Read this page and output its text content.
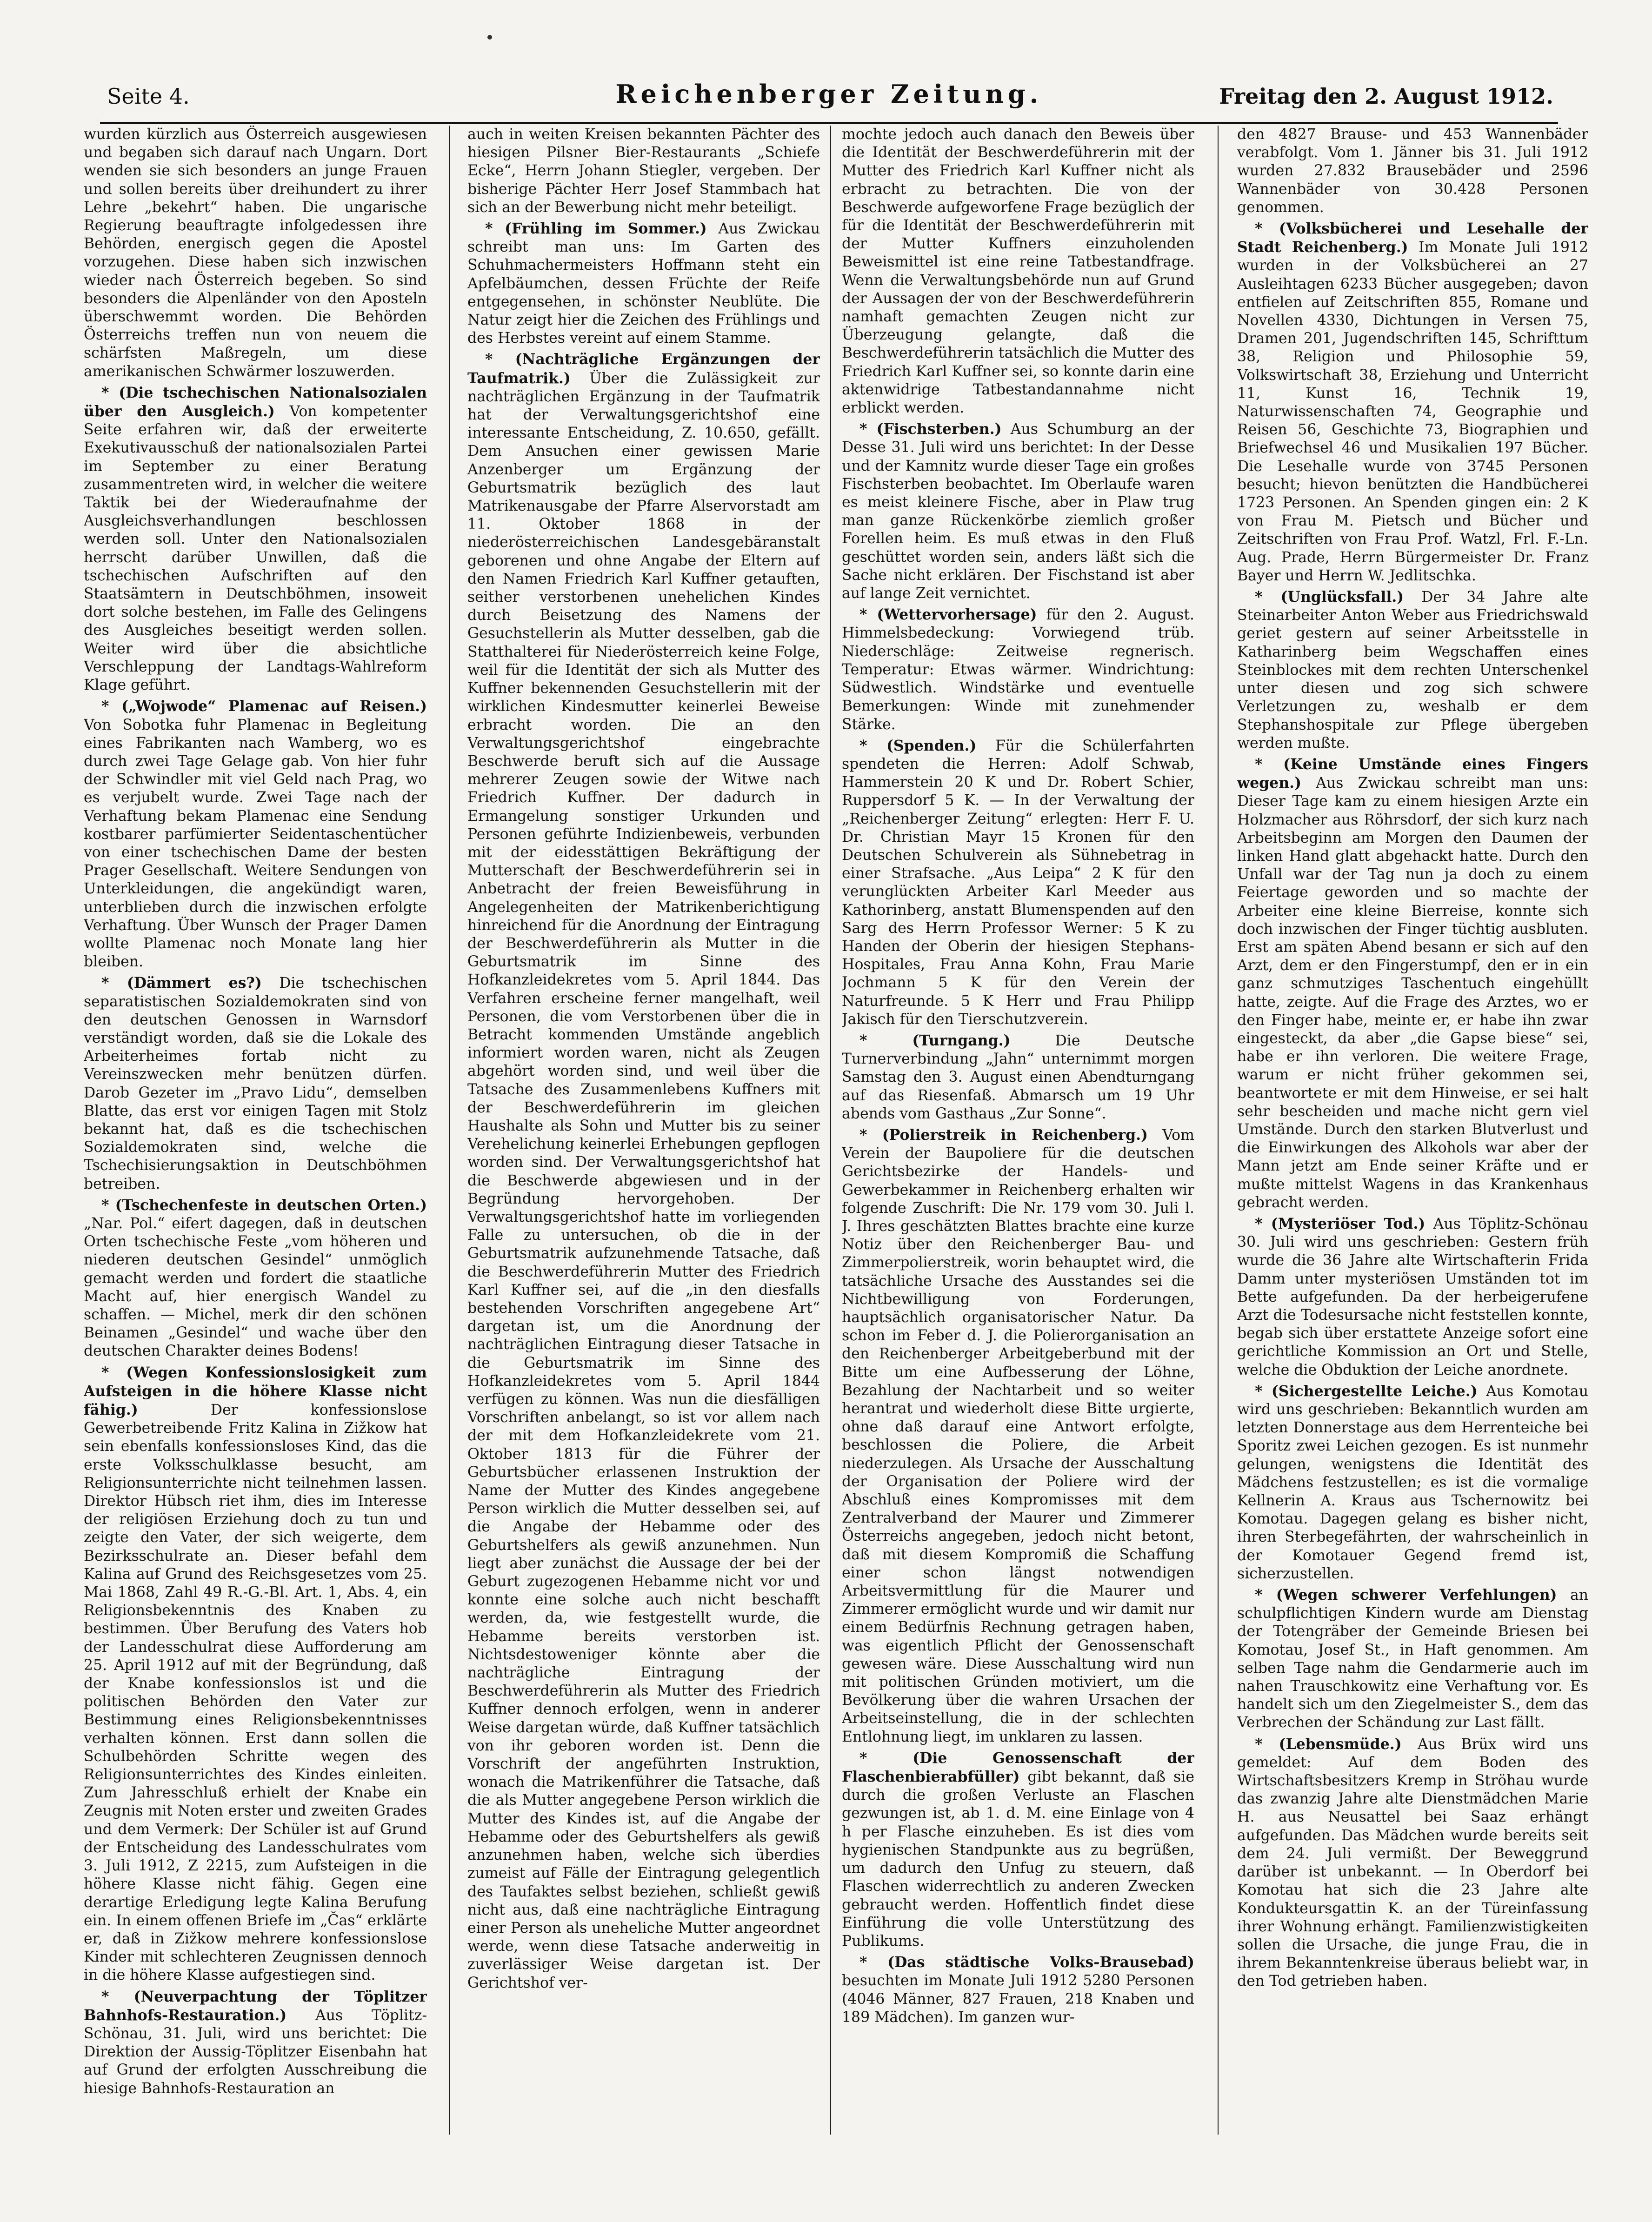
Seite 4.	Reichenberger Zeitung.	Freitag den 2. August 1912.

wurden kürzlich aus Österreich ausgewiesen und begaben sich darauf nach Ungarn. Dort wenden sie sich besonders an junge Frauen und sollen bereits über dreihundert zu ihrer Lehre „bekehrt“ haben. Die ungarische Regierung beauftragte infolgedessen ihre Behörden, energisch gegen die Apostel vorzugehen. Diese haben sich inzwischen wieder nach Österreich begeben. So sind besonders die Alpenländer von den Aposteln überschwemmt worden. Die Behörden Österreichs treffen nun von neuem die schärfsten Maßregeln, um diese amerikanischen Schwärmer loszuwerden.

* (Die tschechischen Nationalsozialen über den Ausgleich.) Von kompetenter Seite erfahren wir, daß der erweiterte Exekutivausschuß der nationalsozialen Partei im September zu einer Beratung zusammentreten wird, in welcher die weitere Taktik bei der Wiederaufnahme der Ausgleichsverhandlungen beschlossen werden soll. Unter den Nationalsozialen herrscht darüber Unwillen, daß die tschechischen Aufschriften auf den Staatsämtern in Deutschböhmen, insoweit dort solche bestehen, im Falle des Gelingens des Ausgleiches beseitigt werden sollen. Weiter wird über die absichtliche Verschleppung der Landtags-Wahlreform Klage geführt.

* („Wojwode“ Plamenac auf Reisen.) Von Sobotka fuhr Plamenac in Begleitung eines Fabrikanten nach Wamberg, wo es durch zwei Tage Gelage gab. Von hier fuhr der Schwindler mit viel Geld nach Prag, wo es verjubelt wurde. Zwei Tage nach der Verhaftung bekam Plamenac eine Sendung kostbarer parfümierter Seidentaschentücher von einer tschechischen Dame der besten Prager Gesellschaft. Weitere Sendungen von Unterkleidungen, die angekündigt waren, unterblieben durch die inzwischen erfolgte Verhaftung. Über Wunsch der Prager Damen wollte Plamenac noch Monate lang hier bleiben.

* (Dämmert es?) Die tschechischen separatistischen Sozialdemokraten sind von den deutschen Genossen in Warnsdorf verständigt worden, daß sie die Lokale des Arbeiterheimes fortab nicht zu Vereinszwecken mehr benützen dürfen. Darob Gezeter im „Pravo Lidu“, demselben Blatte, das erst vor einigen Tagen mit Stolz bekannt hat, daß es die tschechischen Sozialdemokraten sind, welche die Tschechisierungsaktion in Deutschböhmen betreiben.

* (Tschechenfeste in deutschen Orten.) „Nar. Pol.“ eifert dagegen, daß in deutschen Orten tschechische Feste „vom höheren und niederen deutschen Gesindel“ unmöglich gemacht werden und fordert die staatliche Macht auf, hier energisch Wandel zu schaffen. — Michel, merk dir den schönen Beinamen „Gesindel“ und wache über den deutschen Charakter deines Bodens!

* (Wegen Konfessionslosigkeit zum Aufsteigen in die höhere Klasse nicht fähig.)	Der konfessionslose Gewerbetreibende Fritz Kalina in Zižkow hat sein ebenfalls konfessionsloses Kind, das die erste Volksschulklasse besucht, am Religionsunterrichte nicht teilnehmen lassen. Direktor Hübsch riet ihm, dies im Interesse der religiösen Erziehung doch zu tun und zeigte den Vater, der sich weigerte, dem Bezirksschulrate an. Dieser befahl dem Kalina auf Grund des Reichsgesetzes vom 25. Mai 1868, Zahl 49 R.-G.-Bl. Art. 1, Abs. 4, ein Religionsbekenntnis des Knaben zu bestimmen. Über Berufung des Vaters hob der Landesschulrat diese Aufforderung am 25. April 1912 auf mit der Begründung, daß der Knabe konfessionslos ist und die politischen Behörden den Vater zur Bestimmung eines Religionsbekenntnisses verhalten können. Erst dann sollen die Schulbehörden Schritte wegen des Religionsunterrichtes des Kindes einleiten. Zum Jahresschluß erhielt der Knabe ein Zeugnis mit Noten erster und zweiten Grades und dem Vermerk: Der Schüler ist auf Grund der Entscheidung des Landesschulrates vom 3. Juli 1912, Z 2215, zum Aufsteigen in die höhere Klasse nicht fähig. Gegen eine derartige Erledigung legte Kalina Berufung ein. In einem offenen Briefe im „Čas“ erklärte er, daß in Zižkow mehrere konfessionslose Kinder mit schlechteren Zeugnissen dennoch in die höhere Klasse aufgestiegen sind.

* (Neuverpachtung der Töplitzer Bahnhofs-Restauration.) Aus Töplitz-Schönau, 31. Juli, wird uns berichtet: Die Direktion der Aussig-Töplitzer Eisenbahn hat auf Grund der erfolgten Ausschreibung die hiesige Bahnhofs-Restauration an

auch in weiten Kreisen bekannten Pächter des hiesigen Pilsner Bier-Restaurants „Schiefe Ecke“, Herrn Johann Stiegler, vergeben. Der bisherige Pächter Herr Josef Stammbach hat sich an der Bewerbung nicht mehr beteiligt.

* (Frühling im Sommer.) Aus Zwickau schreibt man uns: Im Garten des Schuhmachermeisters Hoffmann steht ein Apfelbäumchen, dessen Früchte der Reife entgegensehen, in schönster Neublüte. Die Natur zeigt hier die Zeichen des Frühlings und des Herbstes vereint auf einem Stamme.

* (Nachträgliche Ergänzungen der Taufmatrik.) Über die Zulässigkeit zur nachträglichen Ergänzung in der Taufmatrik hat der Verwaltungsgerichtshof eine interessante Entscheidung, Z. 10.650, gefällt. Dem Ansuchen einer gewissen Marie Anzenberger um Ergänzung der Geburtsmatrik bezüglich des laut Matrikenausgabe der Pfarre Alservorstadt am 11. Oktober 1868 in der niederösterreichischen Landesgebäranstalt geborenen und ohne Angabe der Eltern auf den Namen Friedrich Karl Kuffner getauften, seither verstorbenen unehelichen Kindes durch Beisetzung des Namens der Gesuchstellerin als Mutter desselben, gab die Statthalterei für Niederösterreich keine Folge, weil für die Identität der sich als Mutter des Kuffner bekennenden Gesuchstellerin mit der wirklichen Kindesmutter keinerlei Beweise erbracht worden. Die an den Verwaltungsgerichtshof eingebrachte Beschwerde beruft sich auf die Aussage mehrerer Zeugen sowie der Witwe nach Friedrich Kuffner. Der dadurch in Ermangelung sonstiger Urkunden und Personen geführte Indizienbeweis, verbunden mit der eidesstättigen Bekräftigung der Mutterschaft der Beschwerdeführerin sei in Anbetracht der freien Beweisführung in Angelegenheiten der Matrikenberichtigung hinreichend für die Anordnung der Eintragung der Beschwerdeführerin als Mutter in die Geburtsmatrik im Sinne des Hofkanzleidekretes vom 5. April 1844. Das Verfahren erscheine ferner mangelhaft, weil Personen, die vom Verstorbenen über die in Betracht kommenden Umstände angeblich informiert worden waren, nicht als Zeugen abgehört worden sind, und weil über die Tatsache des Zusammenlebens Kuffners mit der Beschwerdeführerin im gleichen Haushalte als Sohn und Mutter bis zu seiner Verehelichung keinerlei Erhebungen gepflogen worden sind. Der Verwaltungsgerichtshof hat die Beschwerde abgewiesen und in der Begründung hervorgehoben. Der Verwaltungsgerichtshof hatte im vorliegenden Falle zu untersuchen, ob die in der Geburtsmatrik aufzunehmende Tatsache, daß die Beschwerdeführerin Mutter des Friedrich Karl Kuffner sei, auf die „in den diesfalls bestehenden Vorschriften angegebene Art“ dargetan ist, um die Anordnung der nachträglichen Eintragung dieser Tatsache in die Geburtsmatrik im Sinne des Hofkanzleidekretes vom 5. April 1844 verfügen zu können. Was nun die diesfälligen Vorschriften anbelangt, so ist vor allem nach der mit dem Hofkanzleidekrete vom 21. Oktober 1813 für die Führer der Geburtsbücher erlassenen Instruktion der Name der Mutter des Kindes angegebene Person wirklich die Mutter desselben sei, auf die Angabe der Hebamme oder des Geburtshelfers als gewiß anzunehmen. Nun liegt aber zunächst die Aussage der bei der Geburt zugezogenen Hebamme nicht vor und konnte eine solche auch nicht beschafft werden, da, wie festgestellt wurde, die Hebamme bereits verstorben ist. Nichtsdestoweniger könnte aber die nachträgliche Eintragung der Beschwerdeführerin als Mutter des Friedrich Kuffner dennoch erfolgen, wenn in anderer Weise dargetan würde, daß Kuffner tatsächlich von ihr geboren worden ist. Denn die Vorschrift der angeführten Instruktion, wonach die Matrikenführer die Tatsache, daß die als Mutter angegebene Person wirklich die Mutter des Kindes ist, auf die Angabe der Hebamme oder des Geburtshelfers als gewiß anzunehmen haben, welche sich überdies zumeist auf Fälle der Eintragung gelegentlich des Taufaktes selbst beziehen, schließt gewiß nicht aus, daß eine nachträgliche Eintragung einer Person als uneheliche Mutter angeordnet werde, wenn diese Tatsache anderweitig in zuverlässiger Weise dargetan ist. Der Gerichtshof ver-

mochte jedoch auch danach den Beweis über die Identität der Beschwerdeführerin mit der Mutter des Friedrich Karl Kuffner nicht als erbracht zu betrachten. Die von der Beschwerde aufgeworfene Frage bezüglich der für die Identität der Beschwerdeführerin mit der Mutter Kuffners einzuholenden Beweismittel ist eine reine Tatbestandfrage. Wenn die Verwaltungsbehörde nun auf Grund der Aussagen der von der Beschwerdeführerin namhaft gemachten Zeugen nicht zur Überzeugung gelangte, daß die Beschwerdeführerin tatsächlich die Mutter des Friedrich Karl Kuffner sei, so konnte darin eine aktenwidrige Tatbestandannahme nicht erblickt werden.

* (Fischsterben.) Aus Schumburg an der Desse 31. Juli wird uns berichtet: In der Desse und der Kamnitz wurde dieser Tage ein großes Fischsterben beobachtet. Im Oberlaufe waren es meist kleinere Fische, aber in Plaw trug man ganze Rückenkörbe ziemlich großer Forellen heim. Es muß etwas in den Fluß geschüttet worden sein, anders läßt sich die Sache nicht erklären. Der Fischstand ist aber auf lange Zeit vernichtet.

* (Wettervorhersage) für den 2. August. Himmelsbedeckung: Vorwiegend trüb. Niederschläge: Zeitweise regnerisch. Temperatur: Etwas wärmer. Windrichtung: Südwestlich. Windstärke und eventuelle Bemerkungen: Winde mit zunehmender Stärke.

* (Spenden.) Für die Schülerfahrten spendeten die Herren: Adolf Schwab, Hammerstein 20 K und Dr. Robert Schier, Ruppersdorf 5 K. — In der Verwaltung der „Reichenberger Zeitung“ erlegten: Herr F. U. Dr. Christian Mayr 15 Kronen für den Deutschen Schulverein als Sühnebetrag in einer Strafsache. „Aus Leipa“ 2 K für den verunglückten Arbeiter Karl Meeder aus Kathorinberg, anstatt Blumenspenden auf den Sarg des Herrn Professor Werner: 5 K zu Handen der Oberin der hiesigen Stephans-Hospitales, Frau Anna Kohn, Frau Marie Jochmann 5 K für den Verein der Naturfreunde. 5 K Herr und Frau Philipp Jakisch für den Tierschutzverein.

* (Turngang.)	Die Deutsche Turnerverbindung „Jahn“ unternimmt morgen Samstag den 3. August einen Abendturngang auf das Riesenfaß. Abmarsch um 19 Uhr abends vom Gasthaus „Zur Sonne“.

* (Polierstreik in Reichenberg.) Vom Verein der Baupoliere für die deutschen Gerichtsbezirke der Handels- und Gewerbekammer in Reichenberg erhalten wir folgende Zuschrift: Die Nr. 179 vom 30. Juli l. J. Ihres geschätzten Blattes brachte eine kurze Notiz über den Reichenberger Bau- und Zimmerpolierstreik, worin behauptet wird, die tatsächliche Ursache des Ausstandes sei die Nichtbewilligung von Forderungen, hauptsächlich organisatorischer Natur. Da schon im Feber d. J. die Polierorganisation an den Reichenberger Arbeitgeberbund mit der Bitte um eine Aufbesserung der Löhne, Bezahlung der Nachtarbeit und so weiter herantrat und wiederholt diese Bitte urgierte, ohne daß darauf eine Antwort erfolgte, beschlossen die Poliere, die Arbeit niederzulegen. Als Ursache der Ausschaltung der Organisation der Poliere wird der Abschluß eines Kompromisses mit dem Zentralverband der Maurer und Zimmerer Österreichs angegeben, jedoch nicht betont, daß mit diesem Kompromiß die Schaffung einer schon längst notwendigen Arbeitsvermittlung für die Maurer und Zimmerer ermöglicht wurde und wir damit nur einem Bedürfnis Rechnung getragen haben, was eigentlich Pflicht der Genossenschaft gewesen wäre. Diese Ausschaltung wird nun mit politischen Gründen motiviert, um die Bevölkerung über die wahren Ursachen der Arbeitseinstellung, die in der schlechten Entlohnung liegt, im unklaren zu lassen.

* (Die Genossenschaft der Flaschenbierabfüller) gibt bekannt, daß sie durch die großen Verluste an Flaschen gezwungen ist, ab 1. d. M. eine Einlage von 4 h per Flasche einzuheben. Es ist dies vom hygienischen Standpunkte aus zu begrüßen, um dadurch den Unfug zu steuern, daß Flaschen widerrechtlich zu anderen Zwecken gebraucht werden. Hoffentlich findet diese Einführung die volle Unterstützung des Publikums.

* (Das städtische Volks-Brausebad) besuchten im Monate Juli 1912 5280 Personen (4046 Männer, 827 Frauen, 218 Knaben und 189 Mädchen). Im ganzen wur-

den 4827 Brause- und 453 Wannenbäder verabfolgt. Vom 1. Jänner bis 31. Juli 1912 wurden 27.832 Brausebäder und 2596 Wannenbäder von 30.428 Personen genommen.

* (Volksbücherei und Lesehalle der Stadt Reichenberg.) Im Monate Juli 1912 wurden in der Volksbücherei an 27 Ausleihtagen 6233 Bücher ausgegeben; davon entfielen auf Zeitschriften 855, Romane und Novellen 4330, Dichtungen in Versen 75, Dramen 201, Jugendschriften 145, Schrifttum 38, Religion und Philosophie 59, Volkswirtschaft 38, Erziehung und Unterricht 11, Kunst 16, Technik 19, Naturwissenschaften 74, Geographie und Reisen 56, Geschichte 73, Biographien und Briefwechsel 46 und Musikalien 197 Bücher. Die Lesehalle wurde von 3745 Personen besucht; hievon benützten die Handbücherei 1723 Personen. An Spenden gingen ein: 2 K von Frau M. Pietsch und Bücher und Zeitschriften von Frau Prof. Watzl, Frl. F.-Ln. Aug. Prade, Herrn Bürgermeister Dr. Franz Bayer und Herrn W. Jedlitschka.

* (Unglücksfall.) Der 34 Jahre alte Steinarbeiter Anton Weber aus Friedrichswald geriet gestern auf seiner Arbeitsstelle in Katharinberg beim Wegschaffen eines Steinblockes mit dem rechten Unterschenkel unter diesen und zog sich schwere Verletzungen zu, weshalb er dem Stephanshospitale zur Pflege übergeben werden mußte.

* (Keine Umstände eines Fingers wegen.) Aus Zwickau schreibt man uns: Dieser Tage kam zu einem hiesigen Arzte ein Holzmacher aus Röhrsdorf, der sich kurz nach Arbeitsbeginn am Morgen den Daumen der linken Hand glatt abgehackt hatte. Durch den Unfall war der Tag nun ja doch zu einem Feiertage geworden und so machte der Arbeiter eine kleine Bierreise, konnte sich doch inzwischen der Finger tüchtig ausbluten. Erst am späten Abend besann er sich auf den Arzt, dem er den Fingerstumpf, den er in ein ganz schmutziges Taschentuch eingehüllt hatte, zeigte. Auf die Frage des Arztes, wo er den Finger habe, meinte er, er habe ihn zwar eingesteckt, da aber „die Gapse biese“ sei, habe er ihn verloren. Die weitere Frage, warum er nicht früher gekommen sei, beantwortete er mit dem Hinweise, er sei halt sehr bescheiden und mache nicht gern viel Umstände. Durch den starken Blutverlust und die Einwirkungen des Alkohols war aber der Mann jetzt am Ende seiner Kräfte und er mußte mittelst Wagens in das Krankenhaus gebracht werden.

* (Mysteriöser Tod.) Aus Töplitz-Schönau 30. Juli wird uns geschrieben: Gestern früh wurde die 36 Jahre alte Wirtschafterin Frida Damm unter mysteriösen Umständen tot im Bette aufgefunden. Da der herbeigerufene Arzt die Todesursache nicht feststellen konnte, begab sich über erstattete Anzeige sofort eine gerichtliche Kommission an Ort und Stelle, welche die Obduktion der Leiche anordnete.

* (Sichergestellte Leiche.) Aus Komotau wird uns geschrieben: Bekanntlich wurden am letzten Donnerstage aus dem Herrenteiche bei Sporitz zwei Leichen gezogen. Es ist nunmehr gelungen, wenigstens die Identität des Mädchens festzustellen; es ist die vormalige Kellnerin A. Kraus aus Tschernowitz bei Komotau. Dagegen gelang es bisher nicht, ihren Sterbegefährten, der wahrscheinlich in der Komotauer Gegend fremd ist, sicherzustellen.

* (Wegen schwerer Verfehlungen) an schulpflichtigen Kindern wurde am Dienstag der Totengräber der Gemeinde Briesen bei Komotau, Josef St., in Haft genommen. Am selben Tage nahm die Gendarmerie auch im nahen Trauschkowitz eine Verhaftung vor. Es handelt sich um den Ziegelmeister S., dem das Verbrechen der Schändung zur Last fällt.

* (Lebensmüde.) Aus Brüx wird uns gemeldet: Auf dem Boden des Wirtschaftsbesitzers Kremp in Ströhau wurde das zwanzig Jahre alte Dienstmädchen Marie H. aus Neusattel bei Saaz erhängt aufgefunden. Das Mädchen wurde bereits seit dem 24. Juli vermißt. Der Beweggrund darüber ist unbekannt. — In Oberdorf bei Komotau hat sich die 23 Jahre alte Kondukteursgattin K. an der Türeinfassung ihrer Wohnung erhängt. Familienzwistigkeiten sollen die Ursache, die junge Frau, die in ihrem Bekanntenkreise überaus beliebt war, in den Tod getrieben haben.
